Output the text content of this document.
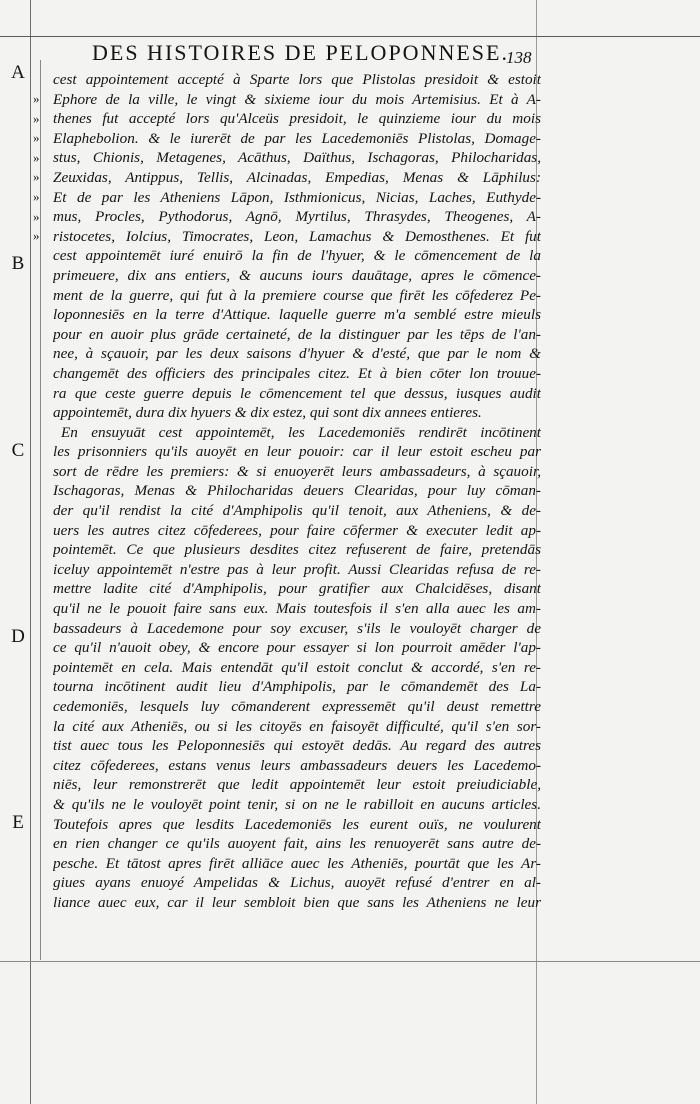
DES HISTOIRES DE PELOPONNESE.
138
A
B
C
D
E
»
»
»
»
»
»
»
»
cest appointement accepté à Sparte lors que Plistolas presidoit & estoit
Ephore de la ville, le vingt & sixieme iour du mois Artemisius. Et à A-
thenes fut accepté lors qu'Alceüs presidoit, le quinzieme iour du mois
Elaphebolion. & le iurerēt de par les Lacedemoniēs Plistolas, Domage-
stus, Chionis, Metagenes, Acāthus, Daïthus, Ischagoras, Philocharidas,
Zeuxidas, Antippus, Tellis, Alcinadas, Empedias, Menas & Lāphilus:
Et de par les Atheniens Lāpon, Isthmionicus, Nicias, Laches, Euthyde-
mus, Procles, Pythodorus, Agnō, Myrtilus, Thrasydes, Theogenes, A-
ristocetes, Iolcius, Timocrates, Leon, Lamachus & Demosthenes. Et fut
cest appointemēt iuré enuirō la fin de l'hyuer, & le cōmencement de la
primeuere, dix ans entiers, & aucuns iours dauātage, apres le cōmence-
ment de la guerre, qui fut à la premiere course que firēt les cōfederez Pe-
loponnesiēs en la terre d'Attique. laquelle guerre m'a semblé estre mieuls
pour en auoir plus grāde certaineté, de la distinguer par les tēps de l'an-
nee, à sçauoir, par les deux saisons d'hyuer & d'esté, que par le nom &
changemēt des officiers des principales citez. Et à bien cōter lon trouue-
ra que ceste guerre depuis le cōmencement tel que dessus, iusques audit
appointemēt, dura dix hyuers & dix estez, qui sont dix annees entieres.
En ensuyuāt cest appointemēt, les Lacedemoniēs rendirēt incōtinent
les prisonniers qu'ils auoyēt en leur pouoir: car il leur estoit escheu par
sort de rēdre les premiers: & si enuoyerēt leurs ambassadeurs, à sçauoir,
Ischagoras, Menas & Philocharidas deuers Clearidas, pour luy cōman-
der qu'il rendist la cité d'Amphipolis qu'il tenoit, aux Atheniens, & de-
uers les autres citez cōfederees, pour faire cōfermer & executer ledit ap-
pointemēt. Ce que plusieurs desdites citez refuserent de faire, pretendās
iceluy appointemēt n'estre pas à leur profit. Aussi Clearidas refusa de re-
mettre ladite cité d'Amphipolis, pour gratifier aux Chalcidēses, disant
qu'il ne le pouoit faire sans eux. Mais toutesfois il s'en alla auec les am-
bassadeurs à Lacedemone pour soy excuser, s'ils le vouloyēt charger de
ce qu'il n'auoit obey, & encore pour essayer si lon pourroit amēder l'ap-
pointemēt en cela. Mais entendāt qu'il estoit conclut & accordé, s'en re-
tourna incōtinent audit lieu d'Amphipolis, par le cōmandemēt des La-
cedemoniēs, lesquels luy cōmanderent expressemēt qu'il deust remettre
la cité aux Atheniēs, ou si les citoyēs en faisoyēt difficulté, qu'il s'en sor-
tist auec tous les Peloponnesiēs qui estoyēt dedās. Au regard des autres
citez cōfederees, estans venus leurs ambassadeurs deuers les Lacedemo-
niēs, leur remonstrerēt que ledit appointemēt leur estoit preiudiciable,
& qu'ils ne le vouloyēt point tenir, si on ne le rabilloit en aucuns articles.
Toutefois apres que lesdits Lacedemoniēs les eurent ouïs, ne voulurent
en rien changer ce qu'ils auoyent fait, ains les renuoyerēt sans autre de-
pesche. Et tātost apres firēt alliāce auec les Atheniēs, pourtāt que les Ar-
giues ayans enuoyé Ampelidas & Lichus, auoyēt refusé d'entrer en al-
liance auec eux, car il leur sembloit bien que sans les Atheniens ne leur
